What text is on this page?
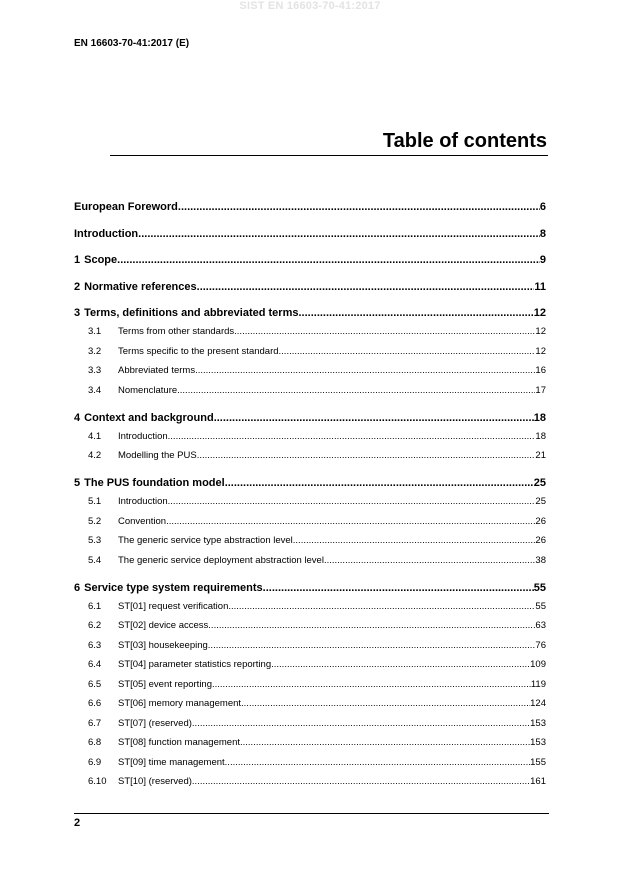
SIST EN 16603-70-41:2017
EN 16603-70-41:2017 (E)
Table of contents
European Foreword .....	6
Introduction .....	8
1 Scope .....	9
2 Normative references .....	11
3 Terms, definitions and abbreviated terms .....	12
3.1	Terms from other standards .....	12
3.2	Terms specific to the present standard .....	12
3.3	Abbreviated terms .....	16
3.4	Nomenclature .....	17
4 Context and background .....	18
4.1	Introduction .....	18
4.2	Modelling the PUS .....	21
5 The PUS foundation model .....	25
5.1	Introduction .....	25
5.2	Convention .....	26
5.3	The generic service type abstraction level .....	26
5.4	The generic service deployment abstraction level .....	38
6 Service type system requirements .....	55
6.1	ST[01] request verification .....	55
6.2	ST[02] device access .....	63
6.3	ST[03] housekeeping .....	76
6.4	ST[04] parameter statistics reporting .....	109
6.5	ST[05] event reporting .....	119
6.6	ST[06] memory management .....	124
6.7	ST[07] (reserved) .....	153
6.8	ST[08] function management .....	153
6.9	ST[09] time management .....	155
6.10	ST[10] (reserved) .....	161
2
